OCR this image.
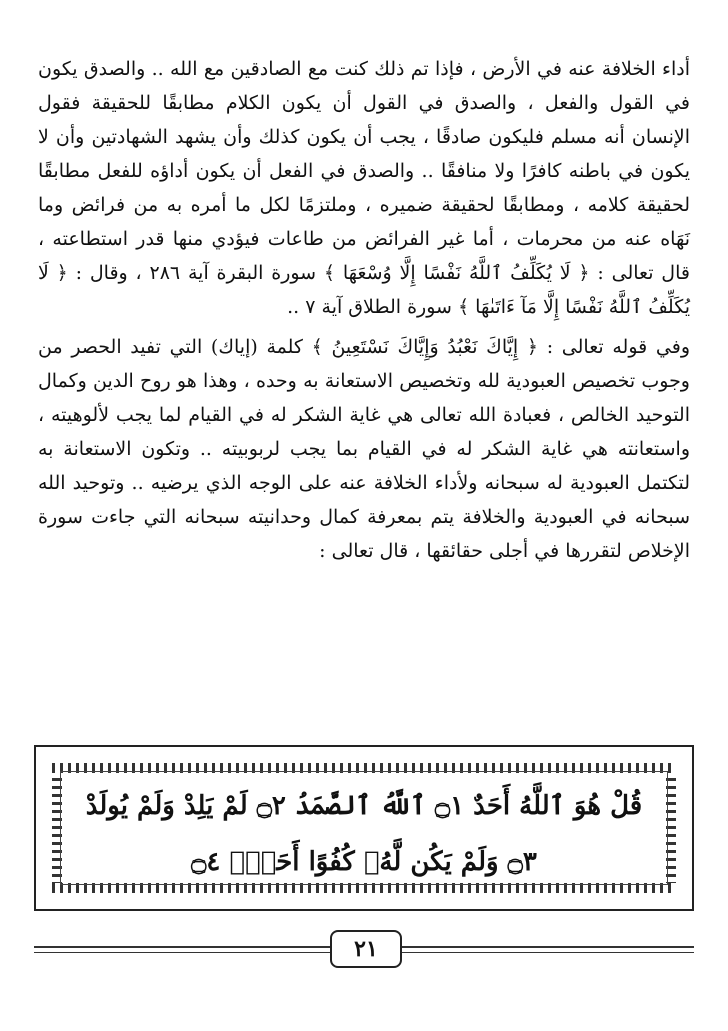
أداء الخلافة عنه في الأرض ، فإذا تم ذلك كنت مع الصادقين مع الله .. والصدق يكون في القول والفعل ، والصدق في القول أن يكون الكلام مطابقًا للحقيقة فقول الإنسان أنه مسلم فليكون صادقًا ، يجب أن يكون كذلك وأن يشهد الشهادتين وأن لا يكون في باطنه كافرًا ولا منافقًا .. والصدق في الفعل أن يكون أداؤه للفعل مطابقًا لحقيقة كلامه ، ومطابقًا لحقيقة ضميره ، وملتزمًا لكل ما أمره به من فرائض وما نَهَاه عنه من محرمات ، أما غير الفرائض من طاعات فيؤدي منها قدر استطاعته ، قال تعالى : ﴿ لَا يُكَلِّفُ ٱللَّهُ نَفْسًا إِلَّا وُسْعَهَا ﴾ سورة البقرة آية ٢٨٦ ، وقال : ﴿ لَا يُكَلِّفُ ٱللَّهُ نَفْسًا إِلَّا مَآ ءَاتَىٰهَا ﴾ سورة الطلاق آية ٧ ..

وفي قوله تعالى : ﴿ إِيَّاكَ نَعْبُدُ وَإِيَّاكَ نَسْتَعِينُ ﴾ كلمة (إياك) التي تفيد الحصر من وجوب تخصيص العبودية لله وتخصيص الاستعانة به وحده ، وهذا هو روح الدين وكمال التوحيد الخالص ، فعبادة الله تعالى هي غاية الشكر له في القيام لما يجب لألوهيته ، واستعانته هي غاية الشكر له في القيام بما يجب لربوبيته .. وتكون الاستعانة به لتكتمل العبودية له سبحانه ولأداء الخلافة عنه على الوجه الذي يرضيه .. وتوحيد الله سبحانه في العبودية والخلافة يتم بمعرفة كمال وحدانيته سبحانه التي جاءت سورة الإخلاص لتقررها في أجلى حقائقها ، قال تعالى :

قُلْ هُوَ ٱللَّهُ أَحَدٌ ۝١ ٱللَّهُ ٱلصَّمَدُ ۝٢ لَمْ يَلِدْ وَلَمْ يُولَدْ ۝٣ وَلَمْ يَكُن لَّهُۥ كُفُوًا أَحَدٌۢ ۝٤
٢١
